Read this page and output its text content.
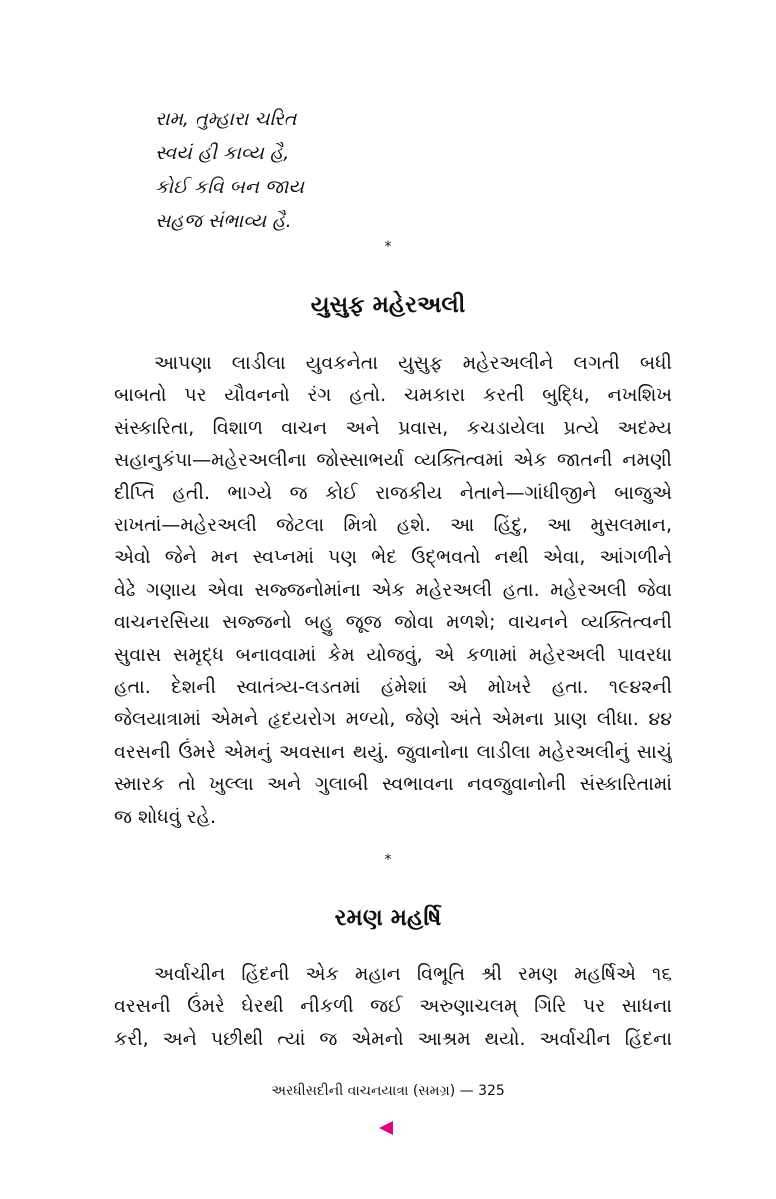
રામ, તુમ્હારા ચરિત
સ્વયં હી કાવ્ય હૈ,
કોઈ કવિ બન જાય
સહજ સંભાવ્ય હૈ.
*
યુસુફ મહેરઅલી
આપણા લાડીલા યુવકનેતા યુસુફ મહેરઅલીને લગતી બધી
બાબતો પર યૌવનનો રંગ હતો. ચમકારા કરતી બુદ્ધિ, નખશિખ
સંસ્કારિતા, વિશાળ વાચન અને પ્રવાસ, કચડાયેલા પ્રત્યે અદમ્ય
સહાનુકંપા—મહેરઅલીના જોસ્સાભર્યા વ્યક્તિત્વમાં એક જાતની નમણી
દીપ્તિ હતી. ભાગ્યે જ કોઈ રાજકીય નેતાને—ગાંધીજીને બાજુએ
રાખતાં—મહેરઅલી જેટલા મિત્રો હશે. આ હિંદુ, આ મુસલમાન,
એવો જેને મન સ્વપ્નમાં પણ ભેદ ઉદ્ભવતો નથી એવા, આંગળીને
વેઢે ગણાય એવા સજ્જનોમાંના એક મહેરઅલી હતા. મહેરઅલી જેવા
વાચનરસિયા સજ્જનો બહુ જૂજ જોવા મળશે; વાચનને વ્યક્તિત્વની
સુવાસ સમૃદ્ધ બનાવવામાં કેમ યોજવું, એ કળામાં મહેરઅલી પાવરધા
હતા. દેશની સ્વાતંત્ર્ય-લડતમાં હંમેશાં એ મોખરે હતા. ૧૯૪૨ની
જેલયાત્રામાં એમને હૃદયરોગ મળ્યો, જેણે અંતે એમના પ્રાણ લીધા. ૪૪
વરસની ઉંમરે એમનું અવસાન થયું. જુવાનોના લાડીલા મહેરઅલીનું સાચું
સ્મારક તો ખુલ્લા અને ગુલાબી સ્વભાવના નવજુવાનોની સંસ્કારિતામાં
જ શોધવું રહે.
*
રમણ મહર્ષિ
અર્વાચીન હિંદની એક મહાન વિભૂતિ શ્રી રમણ મહર્ષિએ ૧૬
વરસની ઉંમરે ઘેરથી નીકળી જઈ અરુણાચલમ્ ગિરિ પર સાધના
કરી, અને પછીથી ત્યાં જ એમનો આશ્રમ થયો. અર્વાચીન હિંદના
અરધીસદીની વાચનયાત્રા (સમગ્ર) — 325
